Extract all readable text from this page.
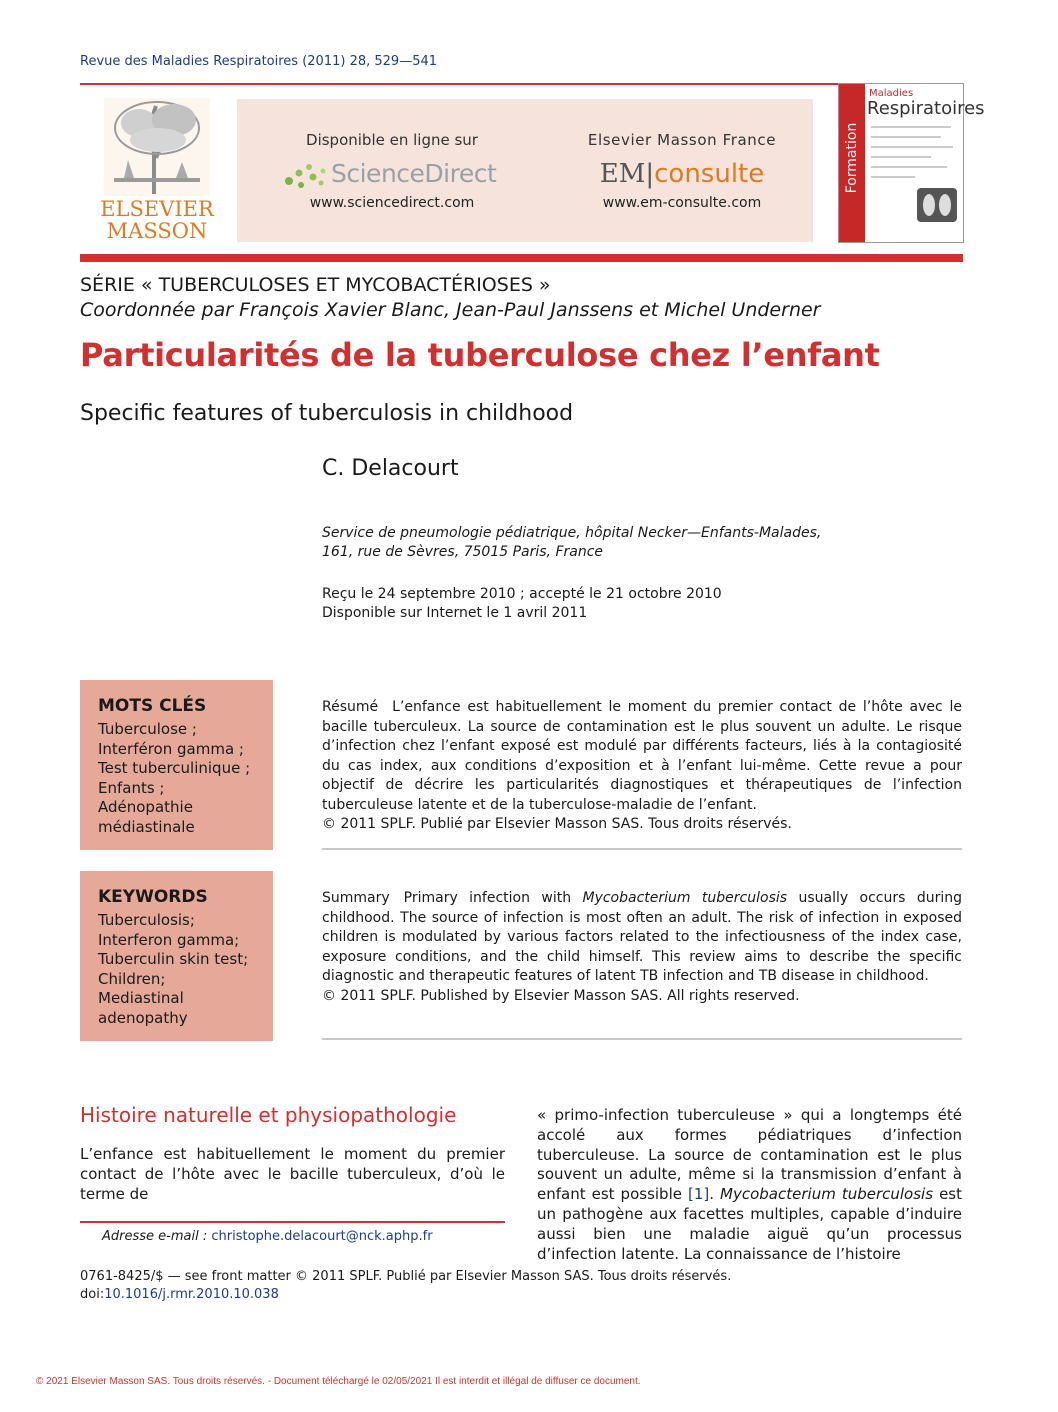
Revue des Maladies Respiratoires (2011) 28, 529—541
ELSEVIER
MASSON
Disponible en ligne sur
ScienceDirect
www.sciencedirect.com
Elsevier Masson France
EM|consulte
www.em-consulte.com
Formation
Maladies
Respiratoires
SÉRIE « TUBERCULOSES ET MYCOBACTÉRIOSES »
Coordonnée par François Xavier Blanc, Jean-Paul Janssens et Michel Underner
Particularités de la tuberculose chez l’enfant
Specific features of tuberculosis in childhood
C. Delacourt
Service de pneumologie pédiatrique, hôpital Necker—Enfants-Malades,
161, rue de Sèvres, 75015 Paris, France
Reçu le 24 septembre 2010 ; accepté le 21 octobre 2010
Disponible sur Internet le 1 avril 2011
MOTS CLÉS
Tuberculose ;
Interféron gamma ;
Test tuberculinique ;
Enfants ;
Adénopathie
médiastinale
Résumé L’enfance est habituellement le moment du premier contact de l’hôte avec le bacille tuberculeux. La source de contamination est le plus souvent un adulte. Le risque d’infection chez l’enfant exposé est modulé par différents facteurs, liés à la contagiosité du cas index, aux conditions d’exposition et à l’enfant lui-même. Cette revue a pour objectif de décrire les particularités diagnostiques et thérapeutiques de l’infection tuberculeuse latente et de la tuberculose-maladie de l’enfant.
© 2011 SPLF. Publié par Elsevier Masson SAS. Tous droits réservés.
KEYWORDS
Tuberculosis;
Interferon gamma;
Tuberculin skin test;
Children;
Mediastinal
adenopathy
Summary Primary infection with Mycobacterium tuberculosis usually occurs during childhood. The source of infection is most often an adult. The risk of infection in exposed children is modulated by various factors related to the infectiousness of the index case, exposure conditions, and the child himself. This review aims to describe the specific diagnostic and therapeutic features of latent TB infection and TB disease in childhood.
© 2011 SPLF. Published by Elsevier Masson SAS. All rights reserved.
Histoire naturelle et physiopathologie
L’enfance est habituellement le moment du premier contact de l’hôte avec le bacille tuberculeux, d’où le terme de
« primo-infection tuberculeuse » qui a longtemps été accolé aux formes pédiatriques d’infection tuberculeuse. La source de contamination est le plus souvent un adulte, même si la transmission d’enfant à enfant est possible [1]. Mycobacterium tuberculosis est un pathogène aux facettes multiples, capable d’induire aussi bien une maladie aiguë qu’un processus d’infection latente. La connaissance de l’histoire
Adresse e-mail : christophe.delacourt@nck.aphp.fr
0761-8425/$ — see front matter © 2011 SPLF. Publié par Elsevier Masson SAS. Tous droits réservés.
doi:10.1016/j.rmr.2010.10.038
© 2021 Elsevier Masson SAS. Tous droits réservés. - Document téléchargé le 02/05/2021 Il est interdit et illégal de diffuser ce document.
